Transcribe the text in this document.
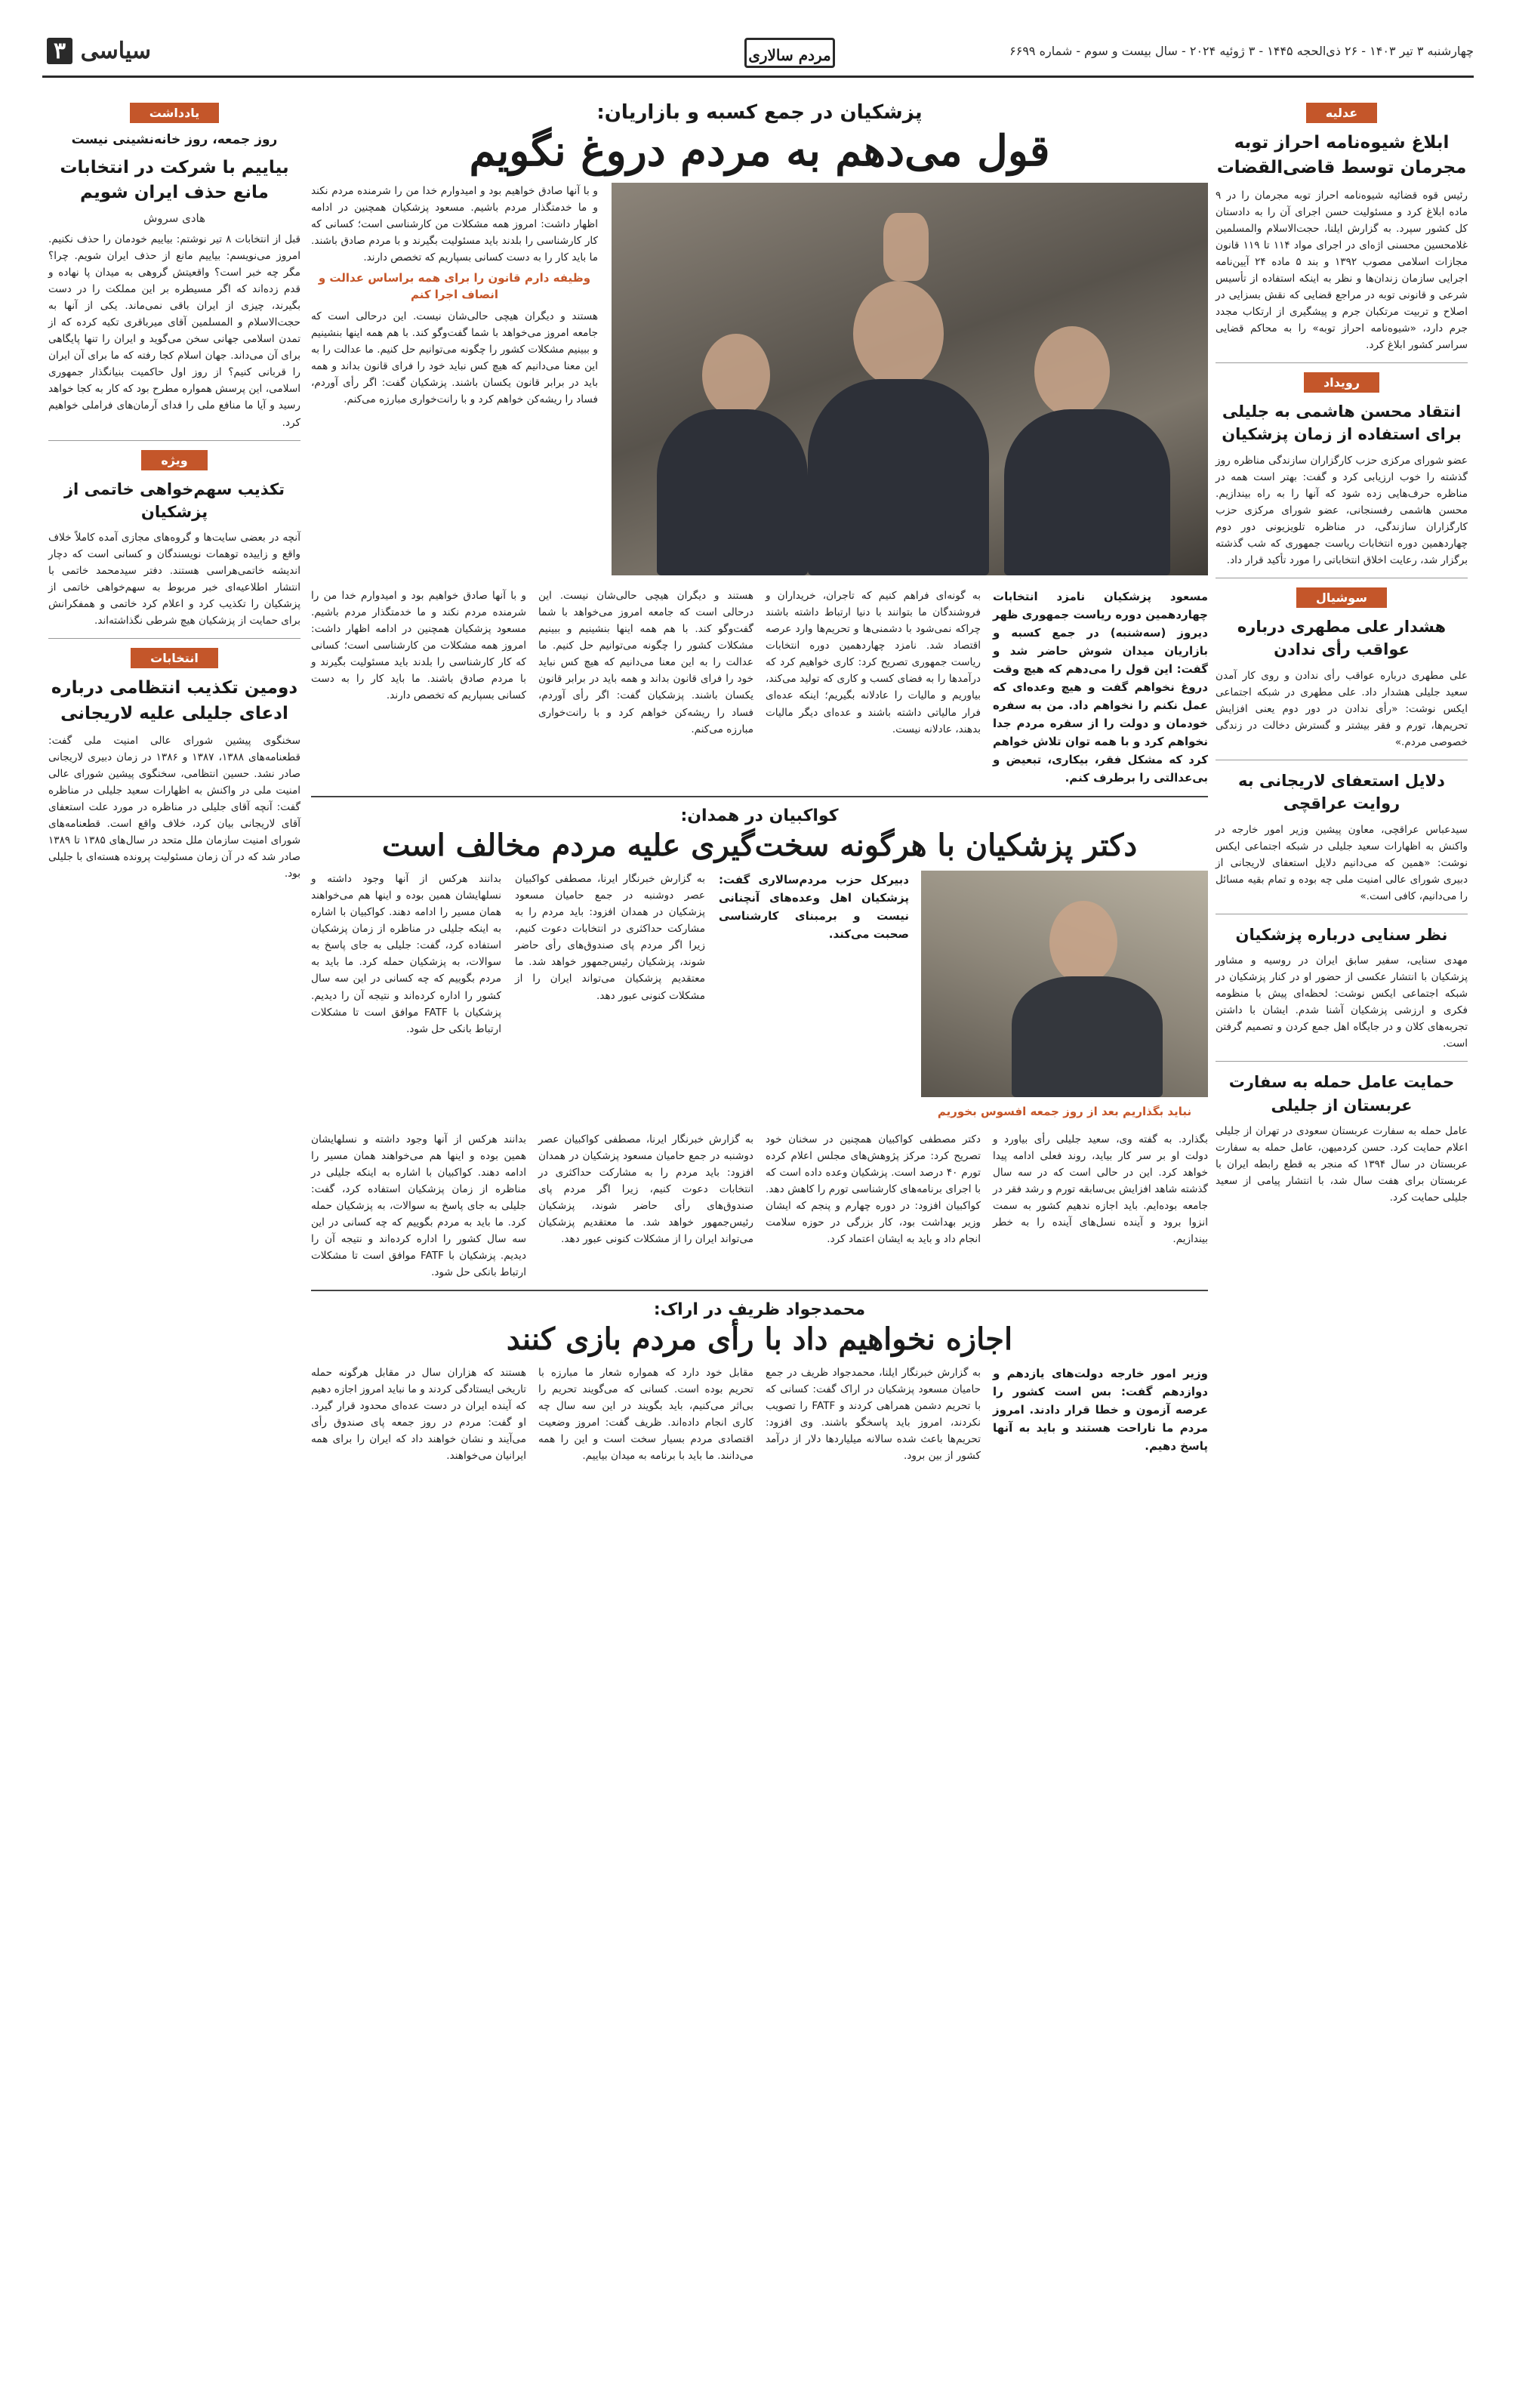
چهارشنبه ۳ تیر ۱۴۰۳ - ۲۶ ذی‌الحجه ۱۴۴۵ - ۳ ژوئیه ۲۰۲۴ - سال بیست و سوم - شماره ۶۶۹۹
مردم سالاری
سیاسی ۳
عدلیه
ابلاغ شیوه‌نامه احراز توبه مجرمان توسط قاضی‌القضات
رئیس قوه قضائیه شیوه‌نامه احراز توبه مجرمان را در ۹ ماده ابلاغ کرد و مسئولیت حسن اجرای آن را به دادستان کل کشور سپرد. به گزارش ایلنا، حجت‌الاسلام والمسلمین غلامحسین محسنی اژه‌ای در اجرای مواد ۱۱۴ تا ۱۱۹ قانون مجازات اسلامی مصوب ۱۳۹۲ و بند ۵ ماده ۲۴ آیین‌نامه اجرایی سازمان زندان‌ها و نظر به اینکه استفاده از تأسیس شرعی و قانونی توبه در مراجع قضایی که نقش بسزایی در اصلاح و تربیت مرتکبان جرم و پیشگیری از ارتکاب مجدد جرم دارد، «شیوه‌نامه احراز توبه» را به محاکم قضایی سراسر کشور ابلاغ کرد.
رویداد
انتقاد محسن هاشمی به جلیلی برای استفاده از زمان پزشکیان
عضو شورای مرکزی حزب کارگزاران سازندگی مناظره روز گذشته را خوب ارزیابی کرد و گفت: بهتر است همه در مناظره حرف‌هایی زده شود که آنها را به راه بیندازیم. محسن هاشمی رفسنجانی، عضو شورای مرکزی حزب کارگزاران سازندگی، در مناظره تلویزیونی دور دوم چهاردهمین دوره انتخابات ریاست جمهوری که شب گذشته برگزار شد، رعایت اخلاق انتخاباتی را مورد تأکید قرار داد.
سوشیال
هشدار علی مطهری درباره عواقب رأی ندادن
علی مطهری درباره عواقب رأی ندادن و روی کار آمدن سعید جلیلی هشدار داد. علی مطهری در شبکه اجتماعی ایکس نوشت: «رأی ندادن در دور دوم یعنی افزایش تحریم‌ها، تورم و فقر بیشتر و گسترش دخالت در زندگی خصوصی مردم.»
دلایل استعفای لاریجانی به روایت عراقچی
سیدعباس عراقچی، معاون پیشین وزیر امور خارجه در واکنش به اظهارات سعید جلیلی در شبکه اجتماعی ایکس نوشت: «همین که می‌دانیم دلایل استعفای لاریجانی از دبیری شورای عالی امنیت ملی چه بوده و تمام بقیه مسائل را می‌دانیم، کافی است.»
نظر سنایی درباره پزشکیان
مهدی سنایی، سفیر سابق ایران در روسیه و مشاور پزشکیان با انتشار عکسی از حضور او در کنار پزشکیان در شبکه اجتماعی ایکس نوشت: لحظه‌ای پیش با منظومه فکری و ارزشی پزشکیان آشنا شدم. ایشان با داشتن تجربه‌های کلان و در جایگاه اهل جمع کردن و تصمیم گرفتن است.
حمایت عامل حمله به سفارت عربستان از جلیلی
عامل حمله به سفارت عربستان سعودی در تهران از جلیلی اعلام حمایت کرد. حسن کردمیهن، عامل حمله به سفارت عربستان در سال ۱۳۹۴ که منجر به قطع رابطه ایران با عربستان برای هفت سال شد، با انتشار پیامی از سعید جلیلی حمایت کرد.
یادداشت
روز جمعه، روز خانه‌نشینی نیست
بیاییم با شرکت در انتخابات مانع حذف ایران شویم
هادی سروش
قبل از انتخابات ۸ تیر نوشتم: بیاییم خودمان را حذف نکنیم. امروز می‌نویسم: بیاییم مانع از حذف ایران شویم. چرا؟ مگر چه خبر است؟ واقعیتش گروهی به میدان پا نهاده و قدم زده‌اند که اگر مسیطره بر این مملکت را در دست بگیرند، چیزی از ایران باقی نمی‌ماند. یکی از آنها به حجت‌الاسلام و المسلمین آقای میرباقری تکیه کرده که از تمدن اسلامی جهانی سخن می‌گوید و ایران را تنها پایگاهی برای آن می‌داند. جهان اسلام کجا رفته که ما برای آن ایران را قربانی کنیم؟ از روز اول حاکمیت بنیانگذار جمهوری اسلامی، این پرسش همواره مطرح بود که کار به کجا خواهد رسید و آیا ما منافع ملی را فدای آرمان‌های فراملی خواهیم کرد.
ویژه
تکذیب سهم‌خواهی خاتمی از پزشکیان
آنچه در بعضی سایت‌ها و گروه‌های مجازی آمده کاملاً خلاف واقع و زاییده توهمات نویسندگان و کسانی است که دچار اندیشه خاتمی‌هراسی هستند. دفتر سیدمحمد خاتمی با انتشار اطلاعیه‌ای خبر مربوط به سهم‌خواهی خاتمی از پزشکیان را تکذیب کرد و اعلام کرد خاتمی و همفکرانش برای حمایت از پزشکیان هیچ شرطی نگذاشته‌اند.
انتخابات
دومین تکذیب انتظامی درباره ادعای جلیلی علیه لاریجانی
سخنگوی پیشین شورای عالی امنیت ملی گفت: قطعنامه‌های ۱۳۸۸، ۱۳۸۷ و ۱۳۸۶ در زمان دبیری لاریجانی صادر نشد. حسین انتظامی، سخنگوی پیشین شورای عالی امنیت ملی در واکنش به اظهارات سعید جلیلی در مناظره گفت: آنچه آقای جلیلی در مناظره در مورد علت استعفای آقای لاریجانی بیان کرد، خلاف واقع است. قطعنامه‌های شورای امنیت سازمان ملل متحد در سال‌های ۱۳۸۵ تا ۱۳۸۹ صادر شد که در آن زمان مسئولیت پرونده هسته‌ای با جلیلی بود.
پزشکیان در جمع کسبه و بازاریان:
قول می‌دهم به مردم دروغ نگویم
و با آنها صادق خواهیم بود و امیدوارم خدا من را شرمنده مردم نکند و ما خدمتگذار مردم باشیم. مسعود پزشکیان همچنین در ادامه اظهار داشت: امروز همه مشکلات من کارشناسی است؛ کسانی که کار کارشناسی را بلدند باید مسئولیت بگیرند و با مردم صادق باشند. ما باید کار را به دست کسانی بسپاریم که تخصص دارند.
وظیفه دارم قانون را برای همه براساس عدالت و انصاف اجرا کنم
هستند و دیگران هیچی حالی‌شان نیست. این درحالی است که جامعه امروز می‌خواهد با شما گفت‌وگو کند. با هم همه اینها بنشینیم و ببینیم مشکلات کشور را چگونه می‌توانیم حل کنیم. ما عدالت را به این معنا می‌دانیم که هیچ کس نباید خود را فرای قانون بداند و همه باید در برابر قانون یکسان باشند. پزشکیان گفت: اگر رأی آوردم، فساد را ریشه‌کن خواهم کرد و با رانت‌خواری مبارزه می‌کنم.
مسعود پزشکیان نامزد انتخابات چهاردهمین دوره ریاست جمهوری ظهر دیروز (سه‌شنبه) در جمع کسبه و بازاریان میدان شوش حاضر شد و گفت: این قول را می‌دهم که هیچ وقت دروغ نخواهم گفت و هیچ وعده‌ای که عمل نکنم را نخواهم داد. من به سفره خودمان و دولت را از سفره مردم جدا نخواهم کرد و با همه توان تلاش خواهم کرد که مشکل فقر، بیکاری، تبعیض و بی‌عدالتی را برطرف کنم.
به گونه‌ای فراهم کنیم که تاجران، خریداران و فروشندگان ما بتوانند با دنیا ارتباط داشته باشند چراکه نمی‌شود با دشمنی‌ها و تحریم‌ها وارد عرصه اقتصاد شد. نامزد چهاردهمین دوره انتخابات ریاست جمهوری تصریح کرد: کاری خواهیم کرد که درآمدها را به فضای کسب و کاری که تولید می‌کند، بیاوریم و مالیات را عادلانه بگیریم؛ اینکه عده‌ای فرار مالیاتی داشته باشند و عده‌ای دیگر مالیات بدهند، عادلانه نیست.
هستند و دیگران هیچی حالی‌شان نیست. این درحالی است که جامعه امروز می‌خواهد با شما گفت‌وگو کند. با هم همه اینها بنشینیم و ببینیم مشکلات کشور را چگونه می‌توانیم حل کنیم. ما عدالت را به این معنا می‌دانیم که هیچ کس نباید خود را فرای قانون بداند و همه باید در برابر قانون یکسان باشند. پزشکیان گفت: اگر رأی آوردم، فساد را ریشه‌کن خواهم کرد و با رانت‌خواری مبارزه می‌کنم.
و با آنها صادق خواهیم بود و امیدوارم خدا من را شرمنده مردم نکند و ما خدمتگذار مردم باشیم. مسعود پزشکیان همچنین در ادامه اظهار داشت: امروز همه مشکلات من کارشناسی است؛ کسانی که کار کارشناسی را بلدند باید مسئولیت بگیرند و با مردم صادق باشند. ما باید کار را به دست کسانی بسپاریم که تخصص دارند.
کواکبیان در همدان:
دکتر پزشکیان با هرگونه سخت‌گیری علیه مردم مخالف است
نباید بگذاریم بعد از روز جمعه افسوس بخوریم
دبیرکل حزب مردم‌سالاری گفت: پزشکیان اهل وعده‌های آنچنانی نیست و برمبنای کارشناسی صحبت می‌کند.
به گزارش خبرنگار ایرنا، مصطفی کواکبیان عصر دوشنبه در جمع حامیان مسعود پزشکیان در همدان افزود: باید مردم را به مشارکت حداکثری در انتخابات دعوت کنیم، زیرا اگر مردم پای صندوق‌های رأی حاضر شوند، پزشکیان رئیس‌جمهور خواهد شد. ما معتقدیم پزشکیان می‌تواند ایران را از مشکلات کنونی عبور دهد.
بدانند هرکس از آنها وجود داشته و نسلهایشان همین بوده و اینها هم می‌خواهند همان مسیر را ادامه دهند. کواکبیان با اشاره به اینکه جلیلی در مناظره از زمان پزشکیان استفاده کرد، گفت: جلیلی به جای پاسخ به سوالات، به پزشکیان حمله کرد. ما باید به مردم بگوییم که چه کسانی در این سه سال کشور را اداره کرده‌اند و نتیجه آن را دیدیم. پزشکیان با FATF موافق است تا مشکلات ارتباط بانکی حل شود.
بگذارد. به گفته وی، سعید جلیلی رأی بیاورد و دولت او بر سر کار بیاید، روند فعلی ادامه پیدا خواهد کرد. این در حالی است که در سه سال گذشته شاهد افزایش بی‌سابقه تورم و رشد فقر در جامعه بوده‌ایم. باید اجازه ندهیم کشور به سمت انزوا برود و آینده نسل‌های آینده را به خطر بیندازیم.
دکتر مصطفی کواکبیان همچنین در سخنان خود تصریح کرد: مرکز پژوهش‌های مجلس اعلام کرده تورم ۴۰ درصد است. پزشکیان وعده داده است که با اجرای برنامه‌های کارشناسی تورم را کاهش دهد. کواکبیان افزود: در دوره چهارم و پنجم که ایشان وزیر بهداشت بود، کار بزرگی در حوزه سلامت انجام داد و باید به ایشان اعتماد کرد.
به گزارش خبرنگار ایرنا، مصطفی کواکبیان عصر دوشنبه در جمع حامیان مسعود پزشکیان در همدان افزود: باید مردم را به مشارکت حداکثری در انتخابات دعوت کنیم، زیرا اگر مردم پای صندوق‌های رأی حاضر شوند، پزشکیان رئیس‌جمهور خواهد شد. ما معتقدیم پزشکیان می‌تواند ایران را از مشکلات کنونی عبور دهد.
بدانند هرکس از آنها وجود داشته و نسلهایشان همین بوده و اینها هم می‌خواهند همان مسیر را ادامه دهند. کواکبیان با اشاره به اینکه جلیلی در مناظره از زمان پزشکیان استفاده کرد، گفت: جلیلی به جای پاسخ به سوالات، به پزشکیان حمله کرد. ما باید به مردم بگوییم که چه کسانی در این سه سال کشور را اداره کرده‌اند و نتیجه آن را دیدیم. پزشکیان با FATF موافق است تا مشکلات ارتباط بانکی حل شود.
محمدجواد ظریف در اراک:
اجازه نخواهیم داد با رأی مردم بازی کنند
وزیر امور خارجه دولت‌های یازدهم و دوازدهم گفت: بس است کشور را عرصه آزمون و خطا قرار دادند. امروز مردم ما ناراحت هستند و باید به آنها پاسخ دهیم.
به گزارش خبرنگار ایلنا، محمدجواد ظریف در جمع حامیان مسعود پزشکیان در اراک گفت: کسانی که با تحریم دشمن همراهی کردند و FATF را تصویب نکردند، امروز باید پاسخگو باشند. وی افزود: تحریم‌ها باعث شده سالانه میلیاردها دلار از درآمد کشور از بین برود.
مقابل خود دارد که همواره شعار ما مبارزه با تحریم بوده است. کسانی که می‌گویند تحریم را بی‌اثر می‌کنیم، باید بگویند در این سه سال چه کاری انجام داده‌اند. ظریف گفت: امروز وضعیت اقتصادی مردم بسیار سخت است و این را همه می‌دانند. ما باید با برنامه به میدان بیاییم.
هستند که هزاران سال در مقابل هرگونه حمله تاریخی ایستادگی کردند و ما نباید امروز اجازه دهیم که آینده ایران در دست عده‌ای محدود قرار گیرد. او گفت: مردم در روز جمعه پای صندوق رأی می‌آیند و نشان خواهند داد که ایران را برای همه ایرانیان می‌خواهند.
